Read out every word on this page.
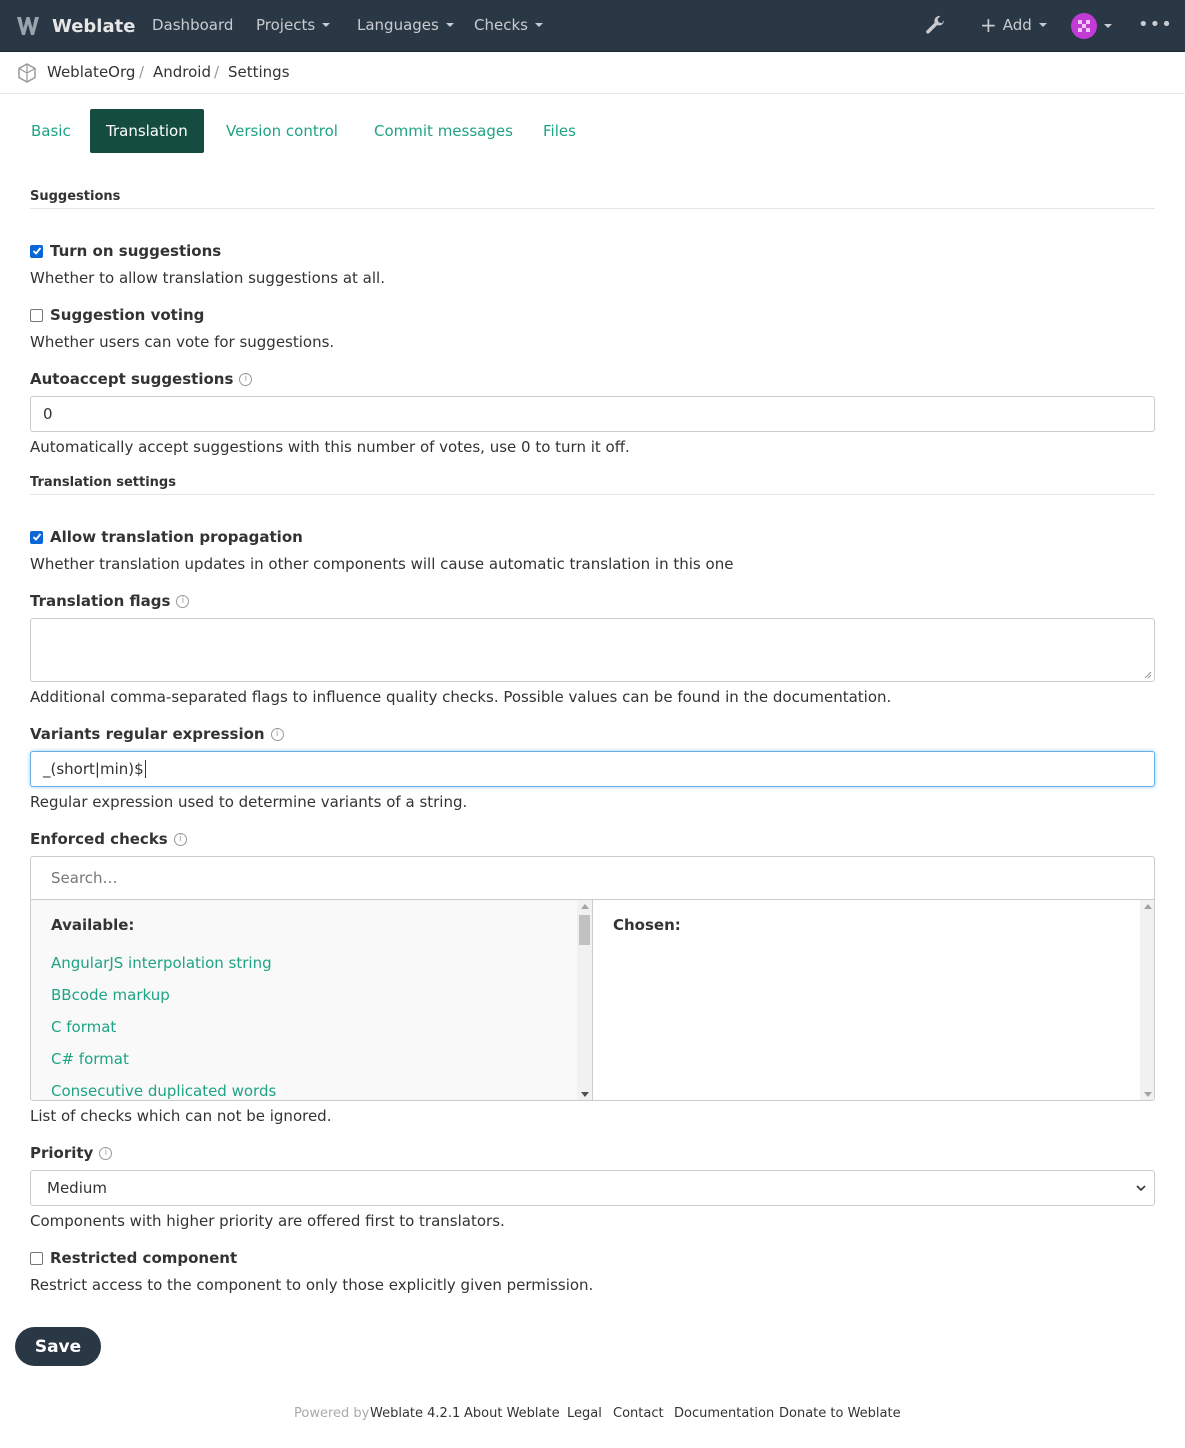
Weblate Dashboard Projects	Languages Checks	+ Add	•••
WeblateOrg / Android / Settings
Basic	Translation	Version control	Commit messages	Files
Suggestions
Turn on suggestions
Whether to allow translation suggestions at all.
Suggestion voting
Whether users can vote for suggestions.
Autoaccept suggestions	i
0
Automatically accept suggestions with this number of votes, use 0 to turn it off.
Translation settings
Allow translation propagation
Whether translation updates in other components will cause automatic translation in this one
Translation flags	i
Additional comma-separated flags to influence quality checks. Possible values can be found in the documentation.
Variants regular expression	i
_(short|min)$
Regular expression used to determine variants of a string.
Enforced checks	i
Search…
Available:
AngularJS interpolation string
BBcode markup
C format
C# format
Consecutive duplicated words
Chosen:
List of checks which can not be ignored.
Priority	i
Medium
Components with higher priority are offered first to translators.
Restricted component
Restrict access to the component to only those explicitly given permission.
Save
Powered by Weblate 4.2.1 About Weblate Legal Contact Documentation Donate to Weblate
